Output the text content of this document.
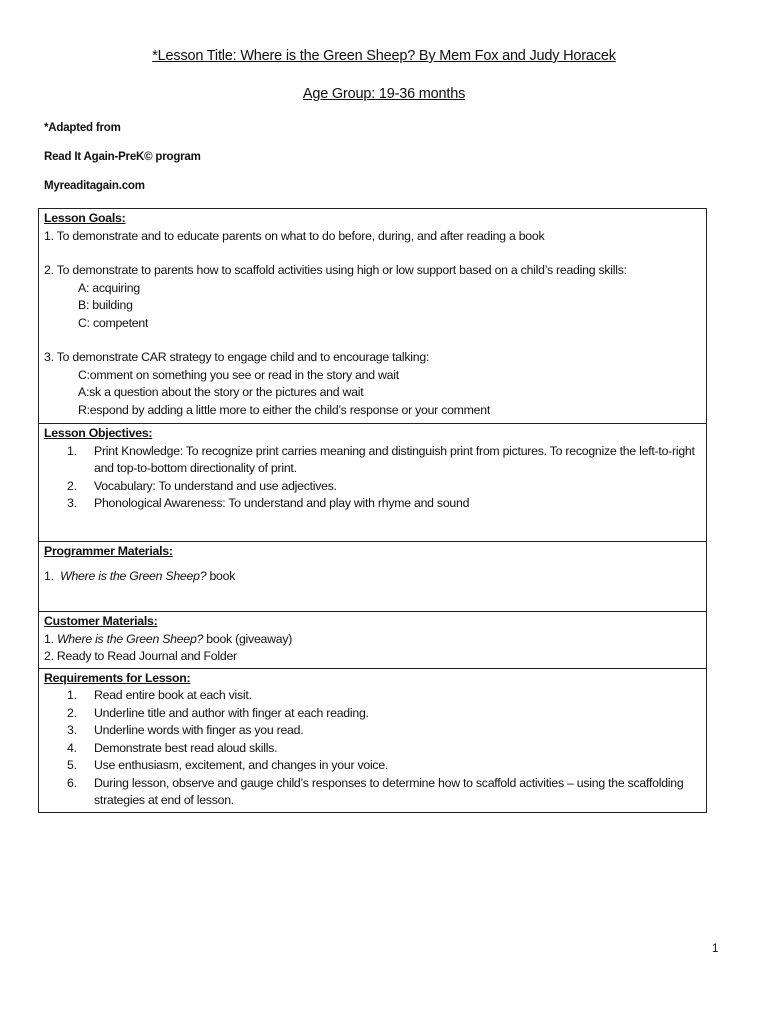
*Lesson Title: Where is the Green Sheep? By Mem Fox and Judy Horacek
Age Group: 19-36 months
*Adapted from
Read It Again-PreK© program
Myreaditagain.com
Lesson Goals:
1. To demonstrate and to educate parents on what to do before, during, and after reading a book
2. To demonstrate to parents how to scaffold activities using high or low support based on a child’s reading skills:
A: acquiring
B: building
C: competent
3. To demonstrate CAR strategy to engage child and to encourage talking:
C:omment on something you see or read in the story and wait
A:sk a question about the story or the pictures and wait
R:espond by adding a little more to either the child’s response or your comment

Lesson Objectives:
1. Print Knowledge: To recognize print carries meaning and distinguish print from pictures. To recognize the left-to-right and top-to-bottom directionality of print.
2. Vocabulary: To understand and use adjectives.
3. Phonological Awareness: To understand and play with rhyme and sound

Programmer Materials:
1. Where is the Green Sheep? book

Customer Materials:
1. Where is the Green Sheep? book (giveaway)
2. Ready to Read Journal and Folder

Requirements for Lesson:
1. Read entire book at each visit.
2. Underline title and author with finger at each reading.
3. Underline words with finger as you read.
4. Demonstrate best read aloud skills.
5. Use enthusiasm, excitement, and changes in your voice.
6. During lesson, observe and gauge child’s responses to determine how to scaffold activities – using the scaffolding strategies at end of lesson.
1
